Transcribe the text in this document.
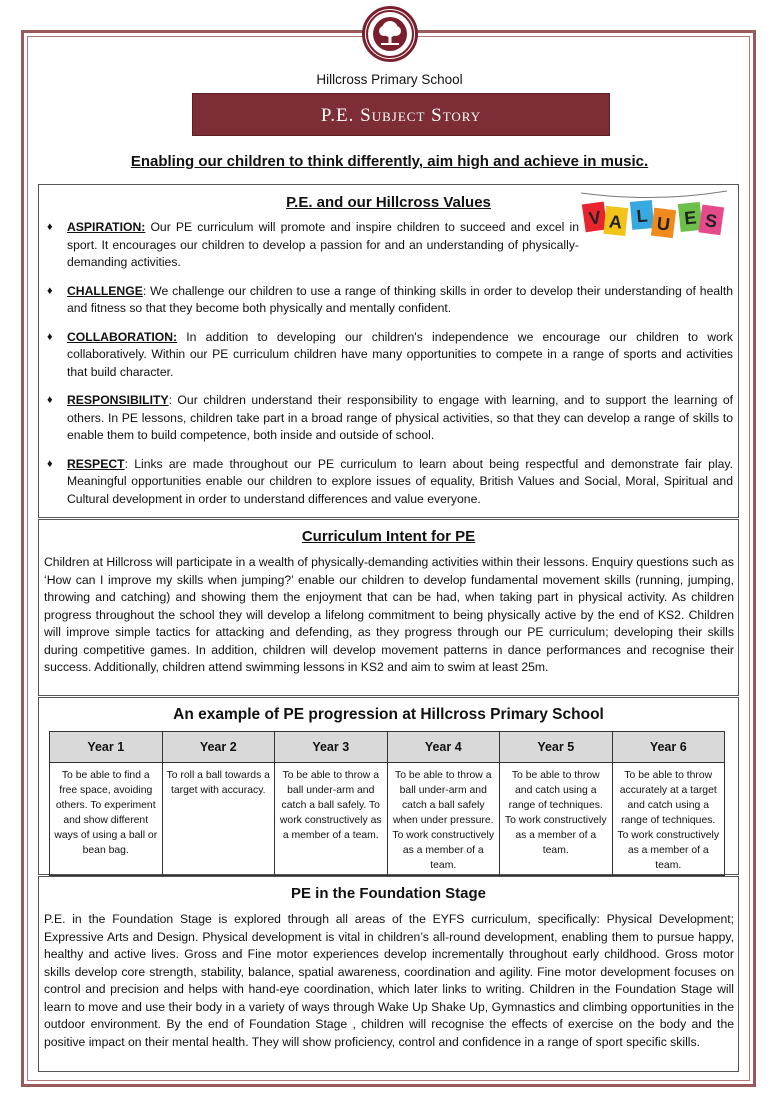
Hillcross Primary School
P.E. Subject Story
Enabling our children to think differently, aim high and achieve in music.
P.E. and our Hillcross Values
V A L U E S
♦ ASPIRATION: Our PE curriculum will promote and inspire children to succeed and excel in sport. It encourages our children to develop a passion for and an understanding of physically-demanding activities.
♦ CHALLENGE: We challenge our children to use a range of thinking skills in order to develop their understanding of health and fitness so that they become both physically and mentally confident.
♦ COLLABORATION: In addition to developing our children's independence we encourage our children to work collaboratively. Within our PE curriculum children have many opportunities to compete in a range of sports and activities that build character.
♦ RESPONSIBILITY: Our children understand their responsibility to engage with learning, and to support the learning of others. In PE lessons, children take part in a broad range of physical activities, so that they can develop a range of skills to enable them to build competence, both inside and outside of school.
♦ RESPECT: Links are made throughout our PE curriculum to learn about being respectful and demonstrate fair play. Meaningful opportunities enable our children to explore issues of equality, British Values and Social, Moral, Spiritual and Cultural development in order to understand differences and value everyone.
Curriculum Intent for PE
Children at Hillcross will participate in a wealth of physically-demanding activities within their lessons. Enquiry questions such as ‘How can I improve my skills when jumping?’ enable our children to develop fundamental movement skills (running, jumping, throwing and catching) and showing them the enjoyment that can be had, when taking part in physical activity. As children progress throughout the school they will develop a lifelong commitment to being physically active by the end of KS2. Children will improve simple tactics for attacking and defending, as they progress through our PE curriculum; developing their skills during competitive games. In addition, children will develop movement patterns in dance performances and recognise their success. Additionally, children attend swimming lessons in KS2 and aim to swim at least 25m.
An example of PE progression at Hillcross Primary School
Year 1	Year 2	Year 3	Year 4	Year 5	Year 6
To be able to find a free space, avoiding others. To experiment and show different ways of using a ball or bean bag.	To roll a ball towards a target with accuracy.	To be able to throw a ball under-arm and catch a ball safely. To work constructively as a member of a team.	To be able to throw a ball under-arm and catch a ball safely when under pressure. To work constructively as a member of a team.	To be able to throw and catch using a range of techniques. To work constructively as a member of a team.	To be able to throw accurately at a target and catch using a range of techniques. To work constructively as a member of a team.
PE in the Foundation Stage
P.E. in the Foundation Stage is explored through all areas of the EYFS curriculum, specifically: Physical Development; Expressive Arts and Design. Physical development is vital in children’s all-round development, enabling them to pursue happy, healthy and active lives. Gross and Fine motor experiences develop incrementally throughout early childhood. Gross motor skills develop core strength, stability, balance, spatial awareness, coordination and agility. Fine motor development focuses on control and precision and helps with hand-eye coordination, which later links to writing. Children in the Foundation Stage will learn to move and use their body in a variety of ways through Wake Up Shake Up, Gymnastics and climbing opportunities in the outdoor environment. By the end of Foundation Stage , children will recognise the effects of exercise on the body and the positive impact on their mental health. They will show proficiency, control and confidence in a range of sport specific skills.
